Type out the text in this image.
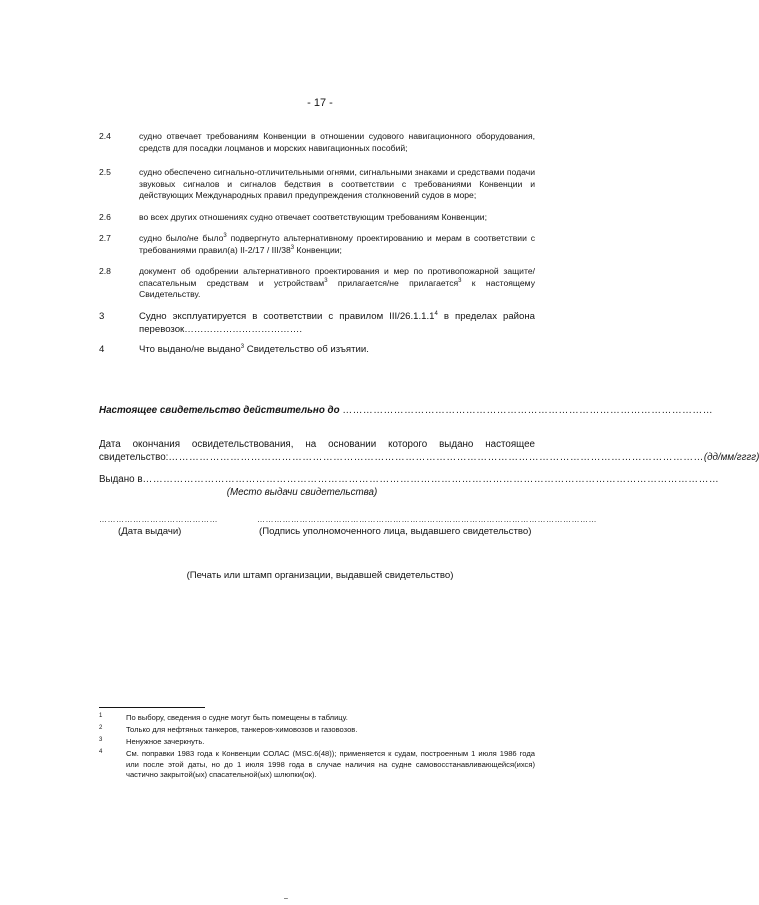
- 17 -
2.4	судно отвечает требованиям Конвенции в отношении судового навигационного оборудования, средств для посадки лоцманов и морских навигационных пособий;
2.5	судно обеспечено сигнально-отличительными огнями, сигнальными знаками и средствами подачи звуковых сигналов и сигналов бедствия в соответствии с требованиями Конвенции и действующих Международных правил предупреждения столкновений судов в море;
2.6	во всех других отношениях судно отвечает соответствующим требованиям Конвенции;
2.7	судно было/не было$^3$ подвергнуто альтернативному проектированию и мерам в соответствии с требованиями правил(а) II-2/17 / III/$38^3$ Конвенции;
2.8	документ об одобрении альтернативного проектирования и мер по противопожарной защите/спасательным средствам и устройствам$^3$ прилагается/не прилагается$^3$ к настоящему Свидетельству.
3	Судно эксплуатируется в соответствии с правилом III/26.1.1.1$^4$ в пределах района перевозок……………………………….
4	Что выдано/не выдано$^3$ Свидетельство об изъятии.
Настоящее свидетельство действительно до ………………………………………………………………………………………………
Дата окончания освидетельствования, на основании которого выдано настоящее
свидетельство: ………………………………………………………………………………………………………………………………………… (дд/мм/гггг)
Выдано в ……………………………………………………………………………………………………………………………………………………
(Место выдачи свидетельства)
……………………………………
(Дата выдачи)
…………………………………………………………………………………………………………
(Подпись уполномоченного лица, выдавшего свидетельство)
(Печать или штамп организации, выдавшей свидетельство)
1	По выбору, сведения о судне могут быть помещены в таблицу.
2	Только для нефтяных танкеров, танкеров-химовозов и газовозов.
3	Ненужное зачеркнуть.
4	См. поправки 1983 года к Конвенции СОЛАС (MSC.6(48)); применяется к судам, построенным 1 июля 1986 года или после этой даты, но до 1 июля 1998 года в случае наличия на судне самовосстанавливающейся(ихся) частично закрытой(ых) спасательной(ых) шлюпки(ок).
–
